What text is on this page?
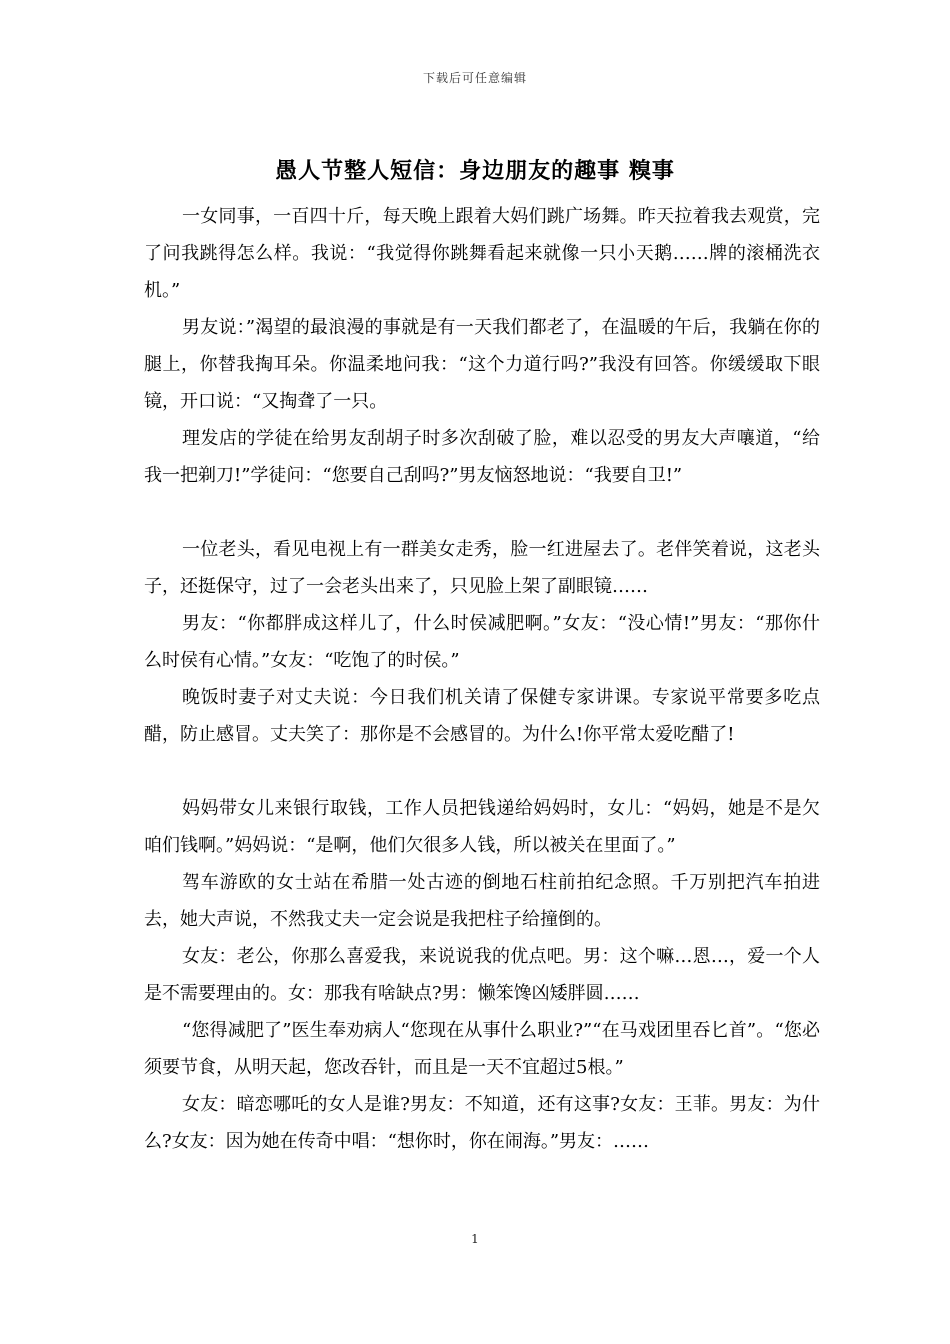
下载后可任意编辑
愚人节整人短信：身边朋友的趣事 糗事

一女同事，一百四十斤，每天晚上跟着大妈们跳广场舞。昨天拉着我去观赏，完了问我跳得怎么样。我说：“我觉得你跳舞看起来就像一只小天鹅……牌的滚桶洗衣机。”

男友说：”渴望的最浪漫的事就是有一天我们都老了，在温暖的午后，我躺在你的腿上，你替我掏耳朵。你温柔地问我：“这个力道行吗?”我没有回答。你缓缓取下眼镜，开口说：“又掏聋了一只。

理发店的学徒在给男友刮胡子时多次刮破了脸，难以忍受的男友大声嚷道，“给我一把剃刀!”学徒问：“您要自己刮吗?”男友恼怒地说：“我要自卫!”

一位老头，看见电视上有一群美女走秀，脸一红进屋去了。老伴笑着说，这老头子，还挺保守，过了一会老头出来了，只见脸上架了副眼镜……

男友：“你都胖成这样儿了，什么时侯减肥啊。”女友：“没心情!”男友：“那你什么时侯有心情。”女友：“吃饱了的时侯。”

晚饭时妻子对丈夫说：今日我们机关请了保健专家讲课。专家说平常要多吃点醋，防止感冒。丈夫笑了：那你是不会感冒的。为什么!你平常太爱吃醋了!

妈妈带女儿来银行取钱，工作人员把钱递给妈妈时，女儿：“妈妈，她是不是欠咱们钱啊。”妈妈说：“是啊，他们欠很多人钱，所以被关在里面了。”

驾车游欧的女士站在希腊一处古迹的倒地石柱前拍纪念照。千万别把汽车拍进去，她大声说，不然我丈夫一定会说是我把柱子给撞倒的。

女友：老公，你那么喜爱我，来说说我的优点吧。男：这个嘛…恩…，爱一个人是不需要理由的。女：那我有啥缺点?男：懒笨馋凶矮胖圆……

“您得减肥了”医生奉劝病人“您现在从事什么职业?”“在马戏团里吞匕首”。“您必须要节食，从明天起，您改吞针，而且是一天不宜超过5根。”

女友：暗恋哪吒的女人是谁?男友：不知道，还有这事?女友：王菲。男友：为什么?女友：因为她在传奇中唱：“想你时，你在闹海。”男友：……

1
